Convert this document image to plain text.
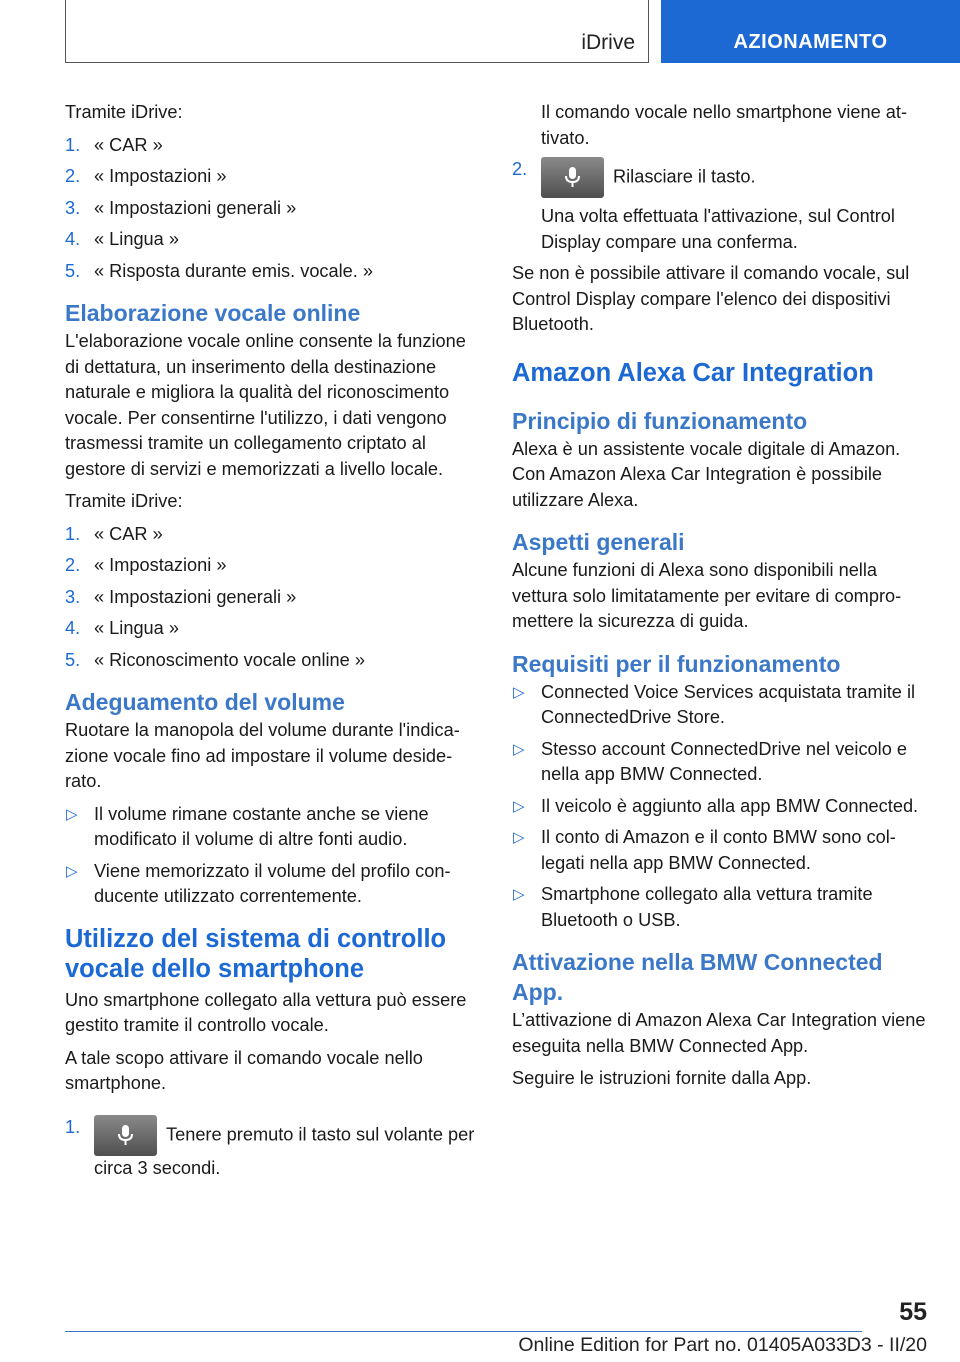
iDrive	AZIONAMENTO

Tramite iDrive:

1. « CAR »
2. « Impostazioni »
3. « Impostazioni generali »
4. « Lingua »
5. « Risposta durante emis. vocale. »
Elaborazione vocale online

L'elaborazione vocale online consente la funzione di dettatura, un inserimento della destinazione naturale e migliora la qualità del riconoscimento vocale. Per consentirne l'utilizzo, i dati vengono trasmessi tramite un collegamento criptato al gestore di servizi e memorizzati a livello locale.

Tramite iDrive:

1. « CAR »
2. « Impostazioni »
3. « Impostazioni generali »
4. « Lingua »
5. « Riconoscimento vocale online »
Adeguamento del volume

Ruotare la manopola del volume durante l'indicazione vocale fino ad impostare il volume desiderato.

▷ Il volume rimane costante anche se viene modificato il volume di altre fonti audio.
▷ Viene memorizzato il volume del profilo conducente utilizzato correntemente.
Utilizzo del sistema di controllo vocale dello smartphone

Uno smartphone collegato alla vettura può essere gestito tramite il controllo vocale.

A tale scopo attivare il comando vocale nello smartphone.

1.	Tenere premuto il tasto sul volante per circa 3 secondi.
Il comando vocale nello smartphone viene attivato.
2.	Rilasciare il tasto.
Una volta effettuata l'attivazione, sul Control Display compare una conferma.

Se non è possibile attivare il comando vocale, sul Control Display compare l'elenco dei dispositivi Bluetooth.

Amazon Alexa Car Integration
Principio di funzionamento

Alexa è un assistente vocale digitale di Amazon. Con Amazon Alexa Car Integration è possibile utilizzare Alexa.

Aspetti generali

Alcune funzioni di Alexa sono disponibili nella vettura solo limitatamente per evitare di compromettere la sicurezza di guida.

Requisiti per il funzionamento
▷ Connected Voice Services acquistata tramite il ConnectedDrive Store.
▷ Stesso account ConnectedDrive nel veicolo e nella app BMW Connected.
▷ Il veicolo è aggiunto alla app BMW Connected.
▷ Il conto di Amazon e il conto BMW sono collegati nella app BMW Connected.
▷ Smartphone collegato alla vettura tramite Bluetooth o USB.
Attivazione nella BMW Connected App.

L’attivazione di Amazon Alexa Car Integration viene eseguita nella BMW Connected App.

Seguire le istruzioni fornite dalla App.

55
Online Edition for Part no. 01405A033D3 - II/20
